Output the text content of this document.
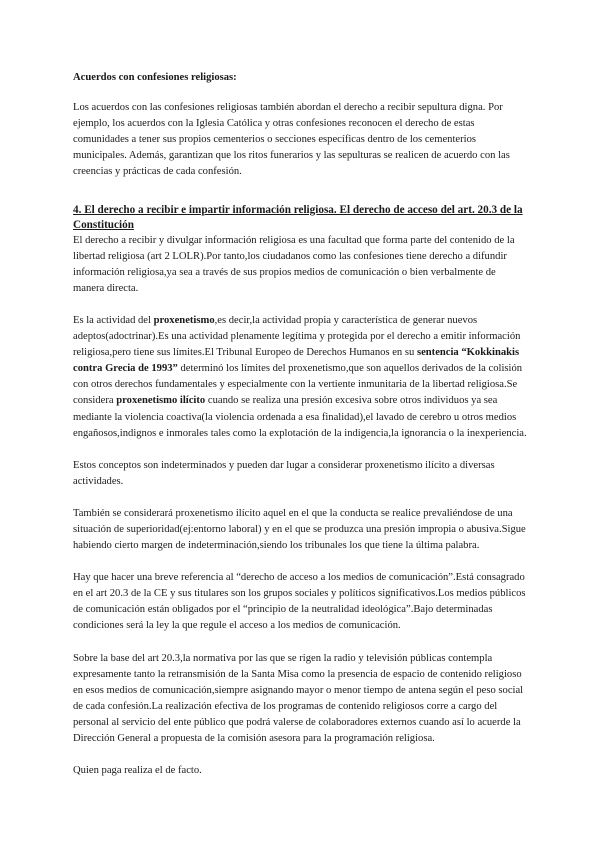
Acuerdos con confesiones religiosas:

Los acuerdos con las confesiones religiosas también abordan el derecho a recibir sepultura digna. Por ejemplo, los acuerdos con la Iglesia Católica y otras confesiones reconocen el derecho de estas comunidades a tener sus propios cementerios o secciones específicas dentro de los cementerios municipales. Además, garantizan que los ritos funerarios y las sepulturas se realicen de acuerdo con las creencias y prácticas de cada confesión.

4. El derecho a recibir e impartir información religiosa. El derecho de acceso del art. 20.3 de la Constitución

El derecho a recibir y divulgar información religiosa es una facultad que forma parte del contenido de la libertad religiosa (art 2 LOLR).Por tanto,los ciudadanos como las confesiones tiene derecho a difundir información religiosa,ya sea a través de sus propios medios de comunicación o bien verbalmente de manera directa.

Es la actividad del proxenetismo,es decir,la actividad propia y característica de generar nuevos adeptos(adoctrinar).Es una actividad plenamente legítima y protegida por el derecho a emitir información religiosa,pero tiene sus límites.El Tribunal Europeo de Derechos Humanos en su sentencia “Kokkinakis contra Grecia de 1993” determinó los límites del proxenetismo,que son aquellos derivados de la colisión con otros derechos fundamentales y especialmente con la vertiente inmunitaria de la libertad religiosa.Se considera proxenetismo ilícito cuando se realiza una presión excesiva sobre otros individuos ya sea mediante la violencia coactiva(la violencia ordenada a esa finalidad),el lavado de cerebro u otros medios engañosos,indignos e inmorales tales como la explotación de la indigencia,la ignorancia o la inexperiencia.

Estos conceptos son indeterminados y pueden dar lugar a considerar proxenetismo ilícito a diversas actividades.

También se considerará proxenetismo ilícito aquel en el que la conducta se realice prevaliéndose de una situación de superioridad(ej:entorno laboral) y en el que se produzca una presión impropia o abusiva.Sigue habiendo cierto margen de indeterminación,siendo los tribunales los que tiene la última palabra.

Hay que hacer una breve referencia al “derecho de acceso a los medios de comunicación”.Está consagrado en el art 20.3 de la CE y sus titulares son los grupos sociales y políticos significativos.Los medios públicos de comunicación están obligados por el “principio de la neutralidad ideológica”.Bajo determinadas condiciones será la ley la que regule el acceso a los medios de comunicación.

Sobre la base del art 20.3,la normativa por las que se rigen la radio y televisión públicas contempla expresamente tanto la retransmisión de la Santa Misa como la presencia de espacio de contenido religioso en esos medios de comunicación,siempre asignando mayor o menor tiempo de antena según el peso social de cada confesión.La realización efectiva de los programas de contenido religiosos corre a cargo del personal al servicio del ente público que podrá valerse de colaboradores externos cuando así lo acuerde la Dirección General a propuesta de la comisión asesora para la programación religiosa.

Quien paga realiza el de facto.
